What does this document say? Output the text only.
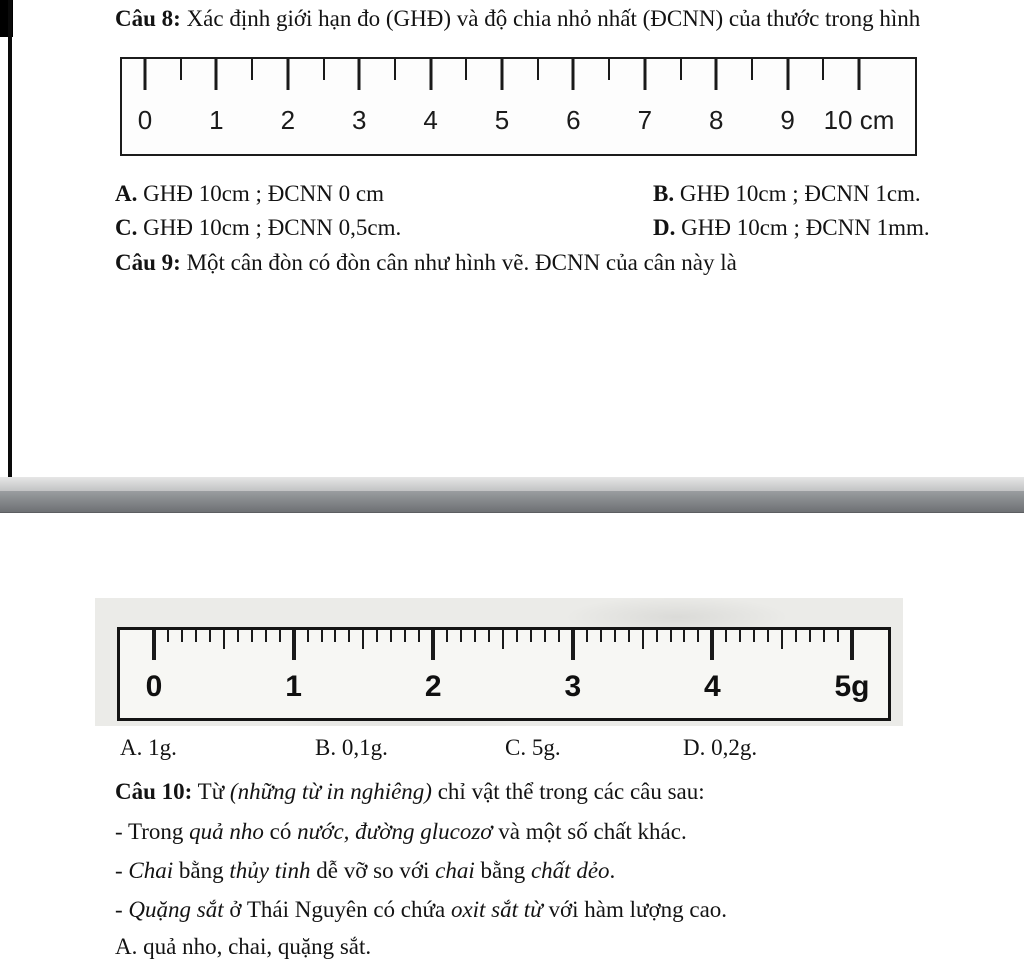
Câu 8: Xác định giới hạn đo (GHĐ) và độ chia nhỏ nhất (ĐCNN) của thước trong hình
0 1 2 3 4 5 6 7 8 9 10 cm
A. GHĐ 10cm ; ĐCNN 0 cm	B. GHĐ 10cm ; ĐCNN 1cm.
C. GHĐ 10cm ; ĐCNN 0,5cm.	D. GHĐ 10cm ; ĐCNN 1mm.
Câu 9: Một cân đòn có đòn cân như hình vẽ. ĐCNN của cân này là
0	1	2	3	4	5g
A. 1g.	B. 0,1g.	C. 5g.	D. 0,2g.
Câu 10: Từ (những từ in nghiêng) chỉ vật thể trong các câu sau:
- Trong quả nho có nước, đường glucozơ và một số chất khác.
- Chai bằng thủy tinh dễ vỡ so với chai bằng chất dẻo.
- Quặng sắt ở Thái Nguyên có chứa oxit sắt từ với hàm lượng cao.
A. quả nho, chai, quặng sắt.
